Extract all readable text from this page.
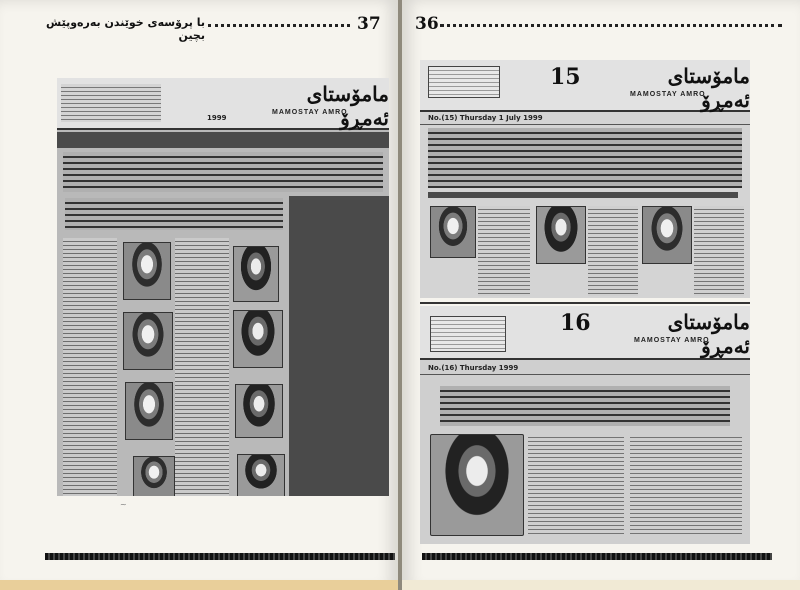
با پرۆسەی خوێندن بەرەوپێش بچین
37
مامۆستای ئەمڕۆ
MAMOSTAY AMRO
1999
~
36
15	مامۆستای ئەمڕۆ
MAMOSTAY AMRO
No.(15) Thursday 1 July 1999
16	مامۆستای ئەمڕۆ
MAMOSTAY AMRO
No.(16) Thursday 1999
